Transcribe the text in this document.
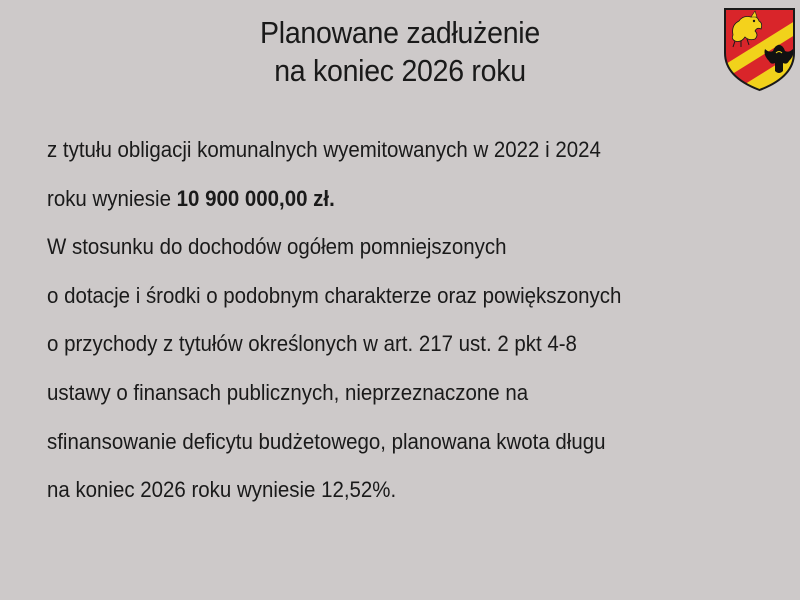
Planowane zadłużenie
na koniec 2026 roku
z tytułu obligacji komunalnych wyemitowanych w 2022 i 2024
roku wyniesie 10 900 000,00 zł.
W stosunku do dochodów ogółem pomniejszonych
o dotacje i środki o podobnym charakterze oraz powiększonych
o przychody z tytułów określonych w art. 217 ust. 2 pkt 4-8
ustawy o finansach publicznych, nieprzeznaczone na
sfinansowanie deficytu budżetowego, planowana kwota długu
na koniec 2026 roku wyniesie 12,52%.
